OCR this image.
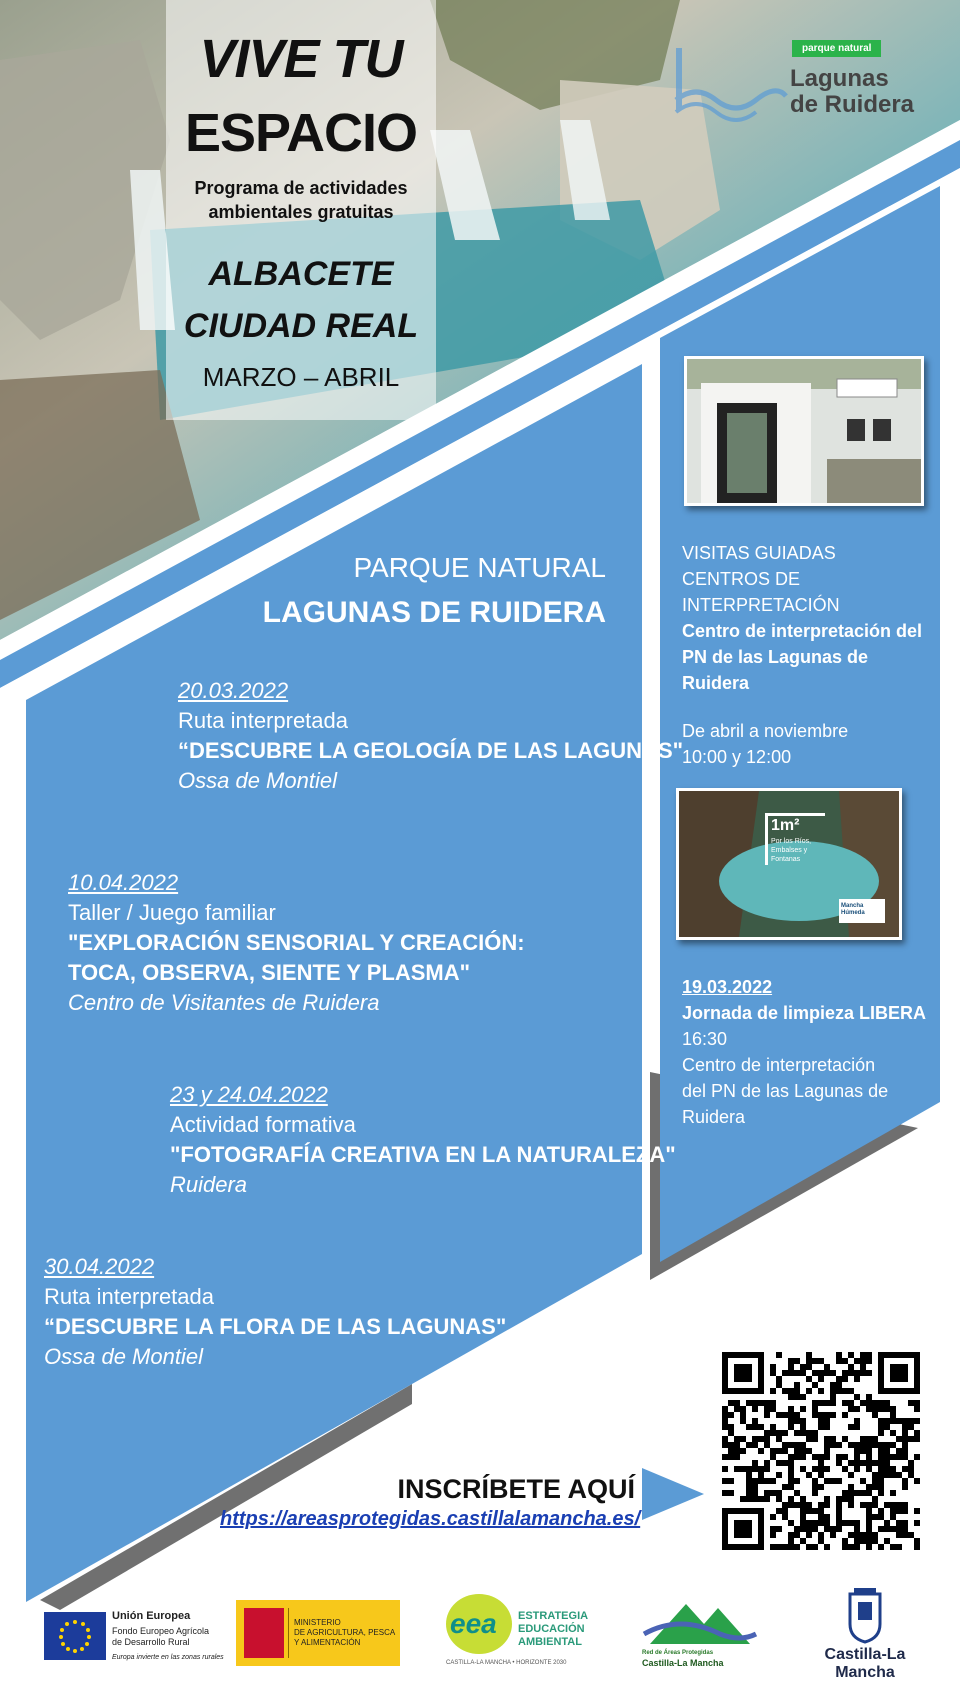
VIVE TU
ESPACIO
Programa de actividades ambientales gratuitas
ALBACETE
CIUDAD REAL
MARZO – ABRIL
parque natural
Lagunas
de Ruidera
PARQUE NATURAL
LAGUNAS DE RUIDERA
20.03.2022
Ruta interpretada
“DESCUBRE LA GEOLOGÍA DE LAS LAGUNAS"
Ossa de Montiel
10.04.2022
Taller / Juego familiar
"EXPLORACIÓN SENSORIAL Y CREACIÓN:
TOCA, OBSERVA, SIENTE Y PLASMA"
Centro de Visitantes de Ruidera
23 y 24.04.2022
Actividad formativa
"FOTOGRAFÍA CREATIVA EN LA NATURALEZA"
Ruidera
30.04.2022
Ruta interpretada
“DESCUBRE LA FLORA DE LAS LAGUNAS"
Ossa de Montiel
VISITAS GUIADAS
CENTROS DE
INTERPRETACIÓN
Centro de interpretación del
PN de las Lagunas de
Ruidera
De abril a noviembre
10:00 y 12:00
1m²
Por los Ríos, Embalses y Fontanas
Mancha Húmeda
19.03.2022
Jornada de limpieza LIBERA
16:30
Centro de interpretación
del PN de las Lagunas de
Ruidera
INSCRÍBETE AQUÍ
https://areasprotegidas.castillalamancha.es/
Unión Europea
Fondo Europeo Agrícola
de Desarrollo Rural
Europa invierte en las zonas rurales
MINISTERIO
DE AGRICULTURA, PESCA
Y ALIMENTACIÓN
eea ESTRATEGIA
EDUCACIÓN
AMBIENTAL
CASTILLA-LA MANCHA • HORIZONTE 2030
Red de Áreas Protegidas
Castilla-La Mancha	Castilla-La Mancha
